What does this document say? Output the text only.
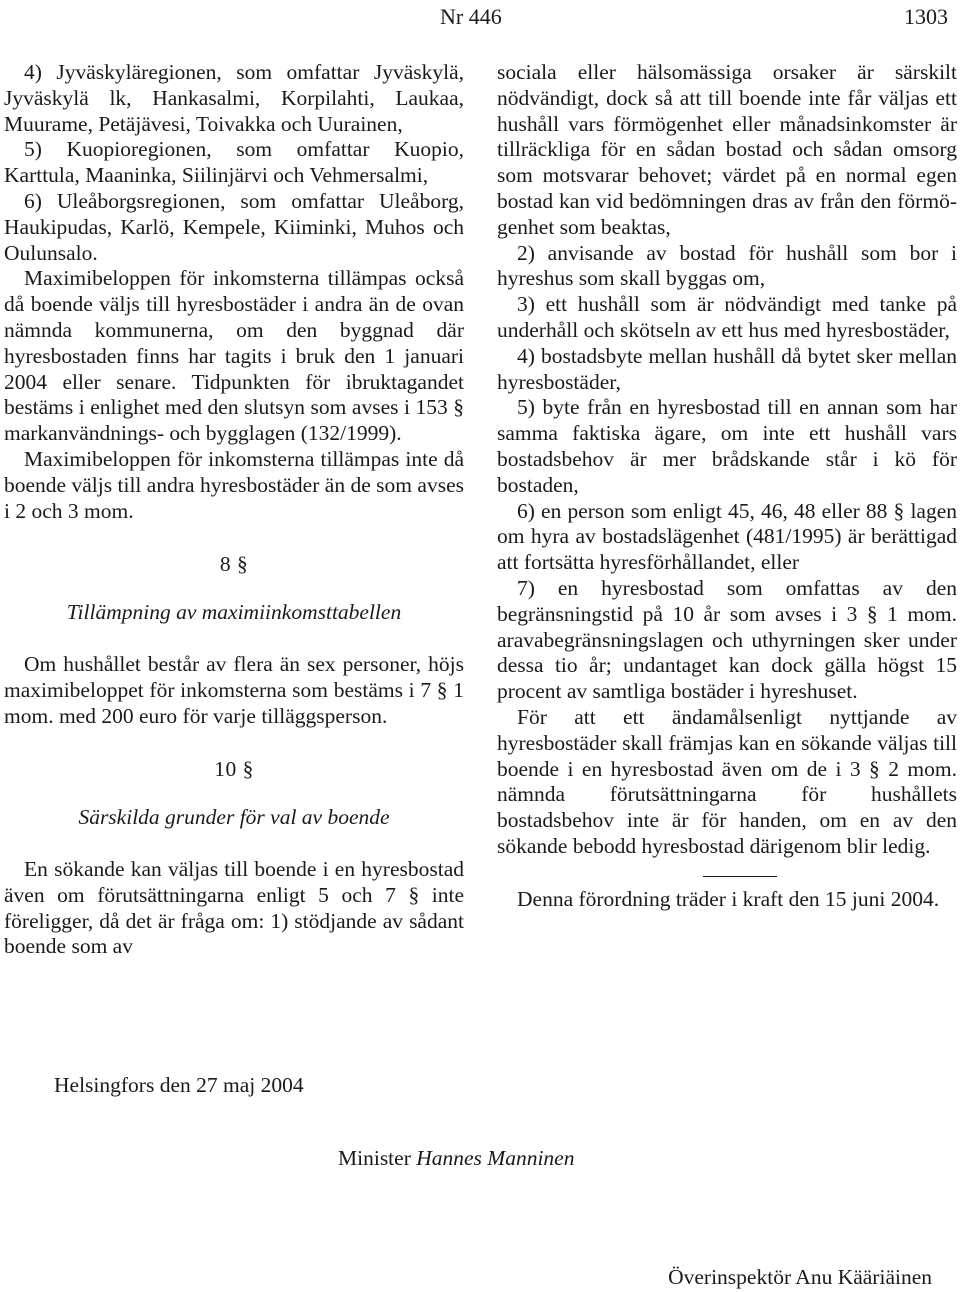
Nr 446	1303

4) Jyväskyläregionen, som omfattar Jyväskylä, Jyväskylä lk, Hankasalmi, Korpilahti, Laukaa, Muurame, Petäjävesi, Toivakka och Uurainen,

5) Kuopioregionen, som omfattar Kuopio, Karttula, Maaninka, Siilinjärvi och Vehmersalmi,

6) Uleåborgsregionen, som omfattar Uleåborg, Haukipudas, Karlö, Kempele, Kiiminki, Muhos och Oulunsalo.

Maximibeloppen för inkomsterna tillämpas också då boende väljs till hyresbostäder i andra än de ovan nämnda kommunerna, om den byggnad där hyresbostaden finns har tagits i bruk den 1 januari 2004 eller senare. Tidpunkten för ibruktagandet bestäms i enlighet med den slutsyn som avses i 153 § markanvändnings- och bygglagen (132/1999).

Maximibeloppen för inkomsterna tillämpas inte då boende väljs till andra hyresbostäder än de som avses i 2 och 3 mom.

8 §

Tillämpning av maximiinkomsttabellen

Om hushållet består av flera än sex personer, höjs maximibeloppet för inkomsterna som bestäms i 7 § 1 mom. med 200 euro för varje tilläggsperson.

10 §

Särskilda grunder för val av boende

En sökande kan väljas till boende i en hyresbostad även om förutsättningarna enligt 5 och 7 § inte föreligger, då det är fråga om: 1) stödjande av sådant boende som av

sociala eller hälsomässiga orsaker är särskilt nödvändigt, dock så att till boende inte får väljas ett hushåll vars förmögenhet eller månadsinkomster är tillräckliga för en sådan bostad och sådan omsorg som motsvarar behovet; värdet på en normal egen bostad kan vid bedömningen dras av från den förmögenhet som beaktas,

2) anvisande av bostad för hushåll som bor i hyreshus som skall byggas om,

3) ett hushåll som är nödvändigt med tanke på underhåll och skötseln av ett hus med hyresbostäder,

4) bostadsbyte mellan hushåll då bytet sker mellan hyresbostäder,

5) byte från en hyresbostad till en annan som har samma faktiska ägare, om inte ett hushåll vars bostadsbehov är mer brådskande står i kö för bostaden,

6) en person som enligt 45, 46, 48 eller 88 § lagen om hyra av bostadslägenhet (481/1995) är berättigad att fortsätta hyresförhållandet, eller

7) en hyresbostad som omfattas av den begränsningstid på 10 år som avses i 3 § 1 mom. aravabegränsningslagen och uthyrningen sker under dessa tio år; undantaget kan dock gälla högst 15 procent av samtliga bostäder i hyreshuset.

För att ett ändamålsenligt nyttjande av hyresbostäder skall främjas kan en sökande väljas till boende i en hyresbostad även om de i 3 § 2 mom. nämnda förutsättningarna för hushållets bostadsbehov inte är för handen, om en av den sökande bebodd hyresbostad därigenom blir ledig.

Denna förordning träder i kraft den 15 juni 2004.

Helsingfors den 27 maj 2004
Minister Hannes Manninen
Överinspektör Anu Kääriäinen
